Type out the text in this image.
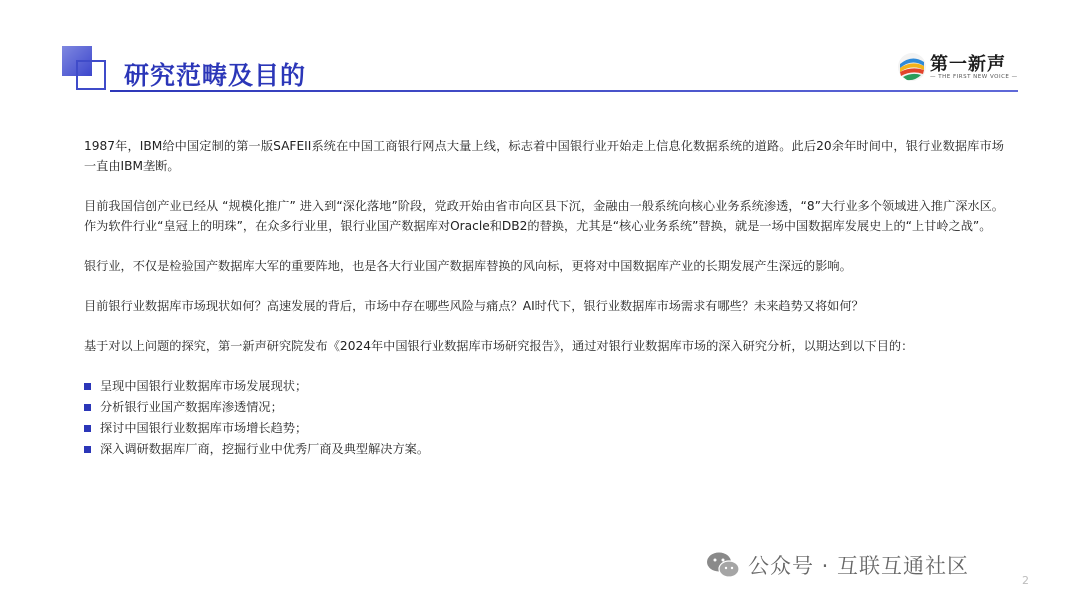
研究范畴及目的	第一新声
— THE FIRST NEW VOICE —

1987年，IBM给中国定制的第一版SAFEII系统在中国工商银行网点大量上线，标志着中国银行业开始走上信息化数据系统的道路。此后20余年时间中，银行业数据库市场一直由IBM垄断。

目前我国信创产业已经从 “规模化推广” 进入到“深化落地”阶段，党政开始由省市向区县下沉，金融由一般系统向核心业务系统渗透，“8”大行业多个领域进入推广深水区。作为软件行业“皇冠上的明珠”，在众多行业里，银行业国产数据库对Oracle和DB2的替换，尤其是“核心业务系统”替换，就是一场中国数据库发展史上的“上甘岭之战”。

银行业，不仅是检验国产数据库大军的重要阵地，也是各大行业国产数据库替换的风向标，更将对中国数据库产业的长期发展产生深远的影响。

目前银行业数据库市场现状如何？高速发展的背后，市场中存在哪些风险与痛点？AI时代下，银行业数据库市场需求有哪些？未来趋势又将如何？

基于对以上问题的探究，第一新声研究院发布《2024年中国银行业数据库市场研究报告》，通过对银行业数据库市场的深入研究分析，以期达到以下目的：

呈现中国银行业数据库市场发展现状；
分析银行业国产数据库渗透情况；
探讨中国银行业数据库市场增长趋势；
深入调研数据库厂商，挖掘行业中优秀厂商及典型解决方案。
公众号 · 互联互通社区
2
